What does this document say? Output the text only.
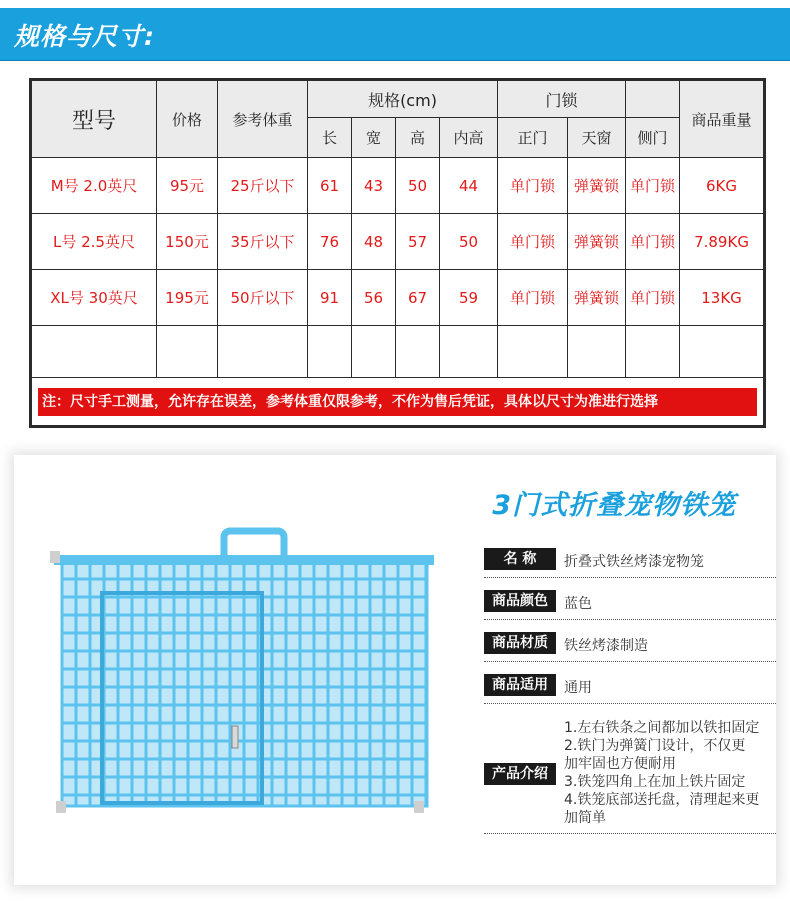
规格与尺寸:
型号	价格	参考体重	规格(cm)				门锁			商品重量
			长	宽	高	内高	正门	天窗	侧门	
M号 2.0英尺	95元	25斤以下	61	43	50	44	单门锁	弹簧锁	单门锁	6KG
L号 2.5英尺	150元	35斤以下	76	48	57	50	单门锁	弹簧锁	单门锁	7.89KG
XL号 30英尺	195元	50斤以下	91	56	67	59	单门锁	弹簧锁	单门锁	13KG

注：尺寸手工测量，允许存在误差，参考体重仅限参考，不作为售后凭证，具体以尺寸为准进行选择										
3门式折叠宠物铁笼
名 称	折叠式铁丝烤漆宠物笼
商品颜色	蓝色
商品材质	铁丝烤漆制造
商品适用	通用
产品介绍
1.左右铁条之间都加以铁扣固定
2.铁门为弹簧门设计，不仅更
加牢固也方便耐用
3.铁笼四角上在加上铁片固定
4.铁笼底部送托盘，清理起来更
加简单
